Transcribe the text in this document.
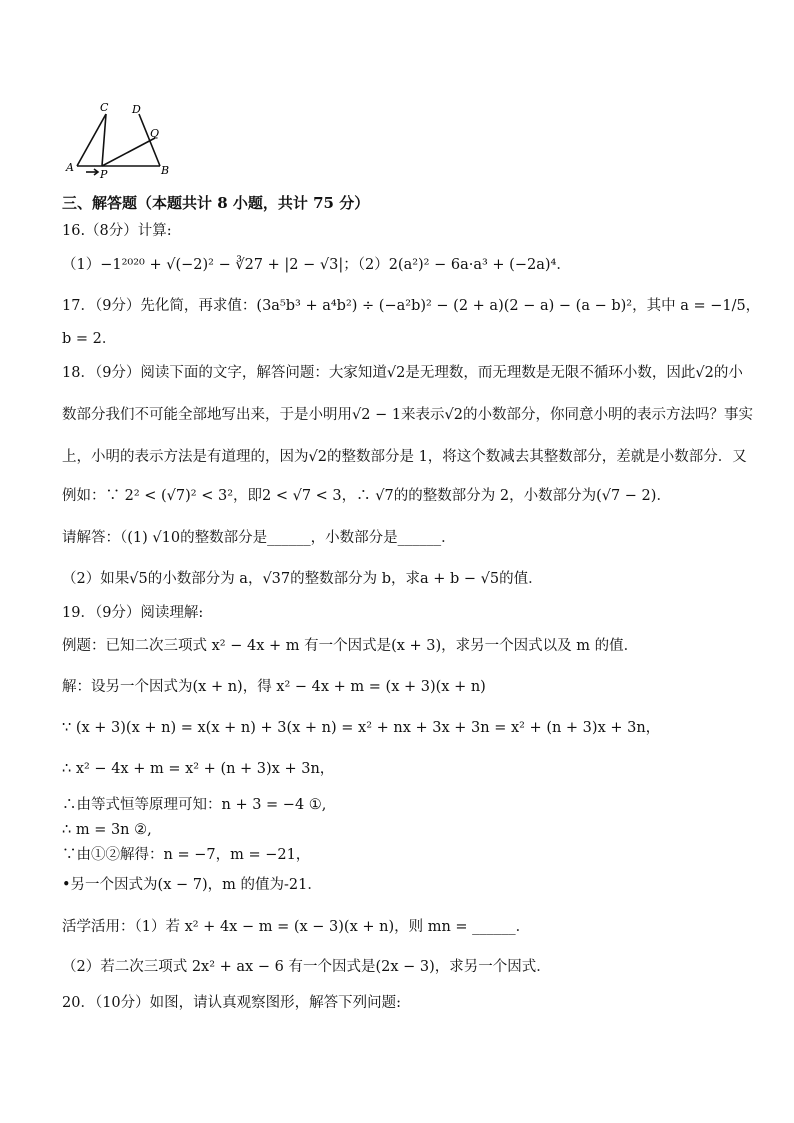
C D
Q
A	B
P
三、解答题（本题共计 8 小题，共计 75 分）
16.（8分）计算:
（1）−1²⁰²⁰ + √(−2)² − ∛27 + |2 − √3|；（2）2(a²)² − 6a·a³ + (−2a)⁴．
17．（9分）先化简，再求值：(3a⁵b³ + a⁴b²) ÷ (−a²b)² − (2 + a)(2 − a) − (a − b)²，其中 a = −1/5，
b = 2．
18．（9分）阅读下面的文字，解答问题：大家知道√2是无理数，而无理数是无限不循环小数，因此√2的小
数部分我们不可能全部地写出来，于是小明用√2 − 1来表示√2的小数部分，你同意小明的表示方法吗？事实
上，小明的表示方法是有道理的，因为√2的整数部分是 1，将这个数减去其整数部分，差就是小数部分．又
例如：∵ 2² < (√7)² < 3²，即2 < √7 < 3，∴ √7的的整数部分为 2，小数部分为(√7 − 2)．
请解答：（(1) √10的整数部分是______，小数部分是______．
（2）如果√5的小数部分为 a，√37的整数部分为 b，求a + b − √5的值．
19．（9分）阅读理解:
例题：已知二次三项式 x² − 4x + m 有一个因式是(x + 3)，求另一个因式以及 m 的值．
解：设另一个因式为(x + n)，得 x² − 4x + m = (x + 3)(x + n)
∵ (x + 3)(x + n) = x(x + n) + 3(x + n) = x² + nx + 3x + 3n = x² + (n + 3)x + 3n，
∴ x² − 4x + m = x² + (n + 3)x + 3n，
∴由等式恒等原理可知：n + 3 = −4 ①,
∴ m = 3n ②,
∵由①②解得：n = −7，m = −21，
•另一个因式为(x − 7)，m 的值为-21．
活学活用：（1）若 x² + 4x − m = (x − 3)(x + n)，则 mn = ______．
（2）若二次三项式 2x² + ax − 6 有一个因式是(2x − 3)，求另一个因式．
20．（10分）如图，请认真观察图形，解答下列问题:
